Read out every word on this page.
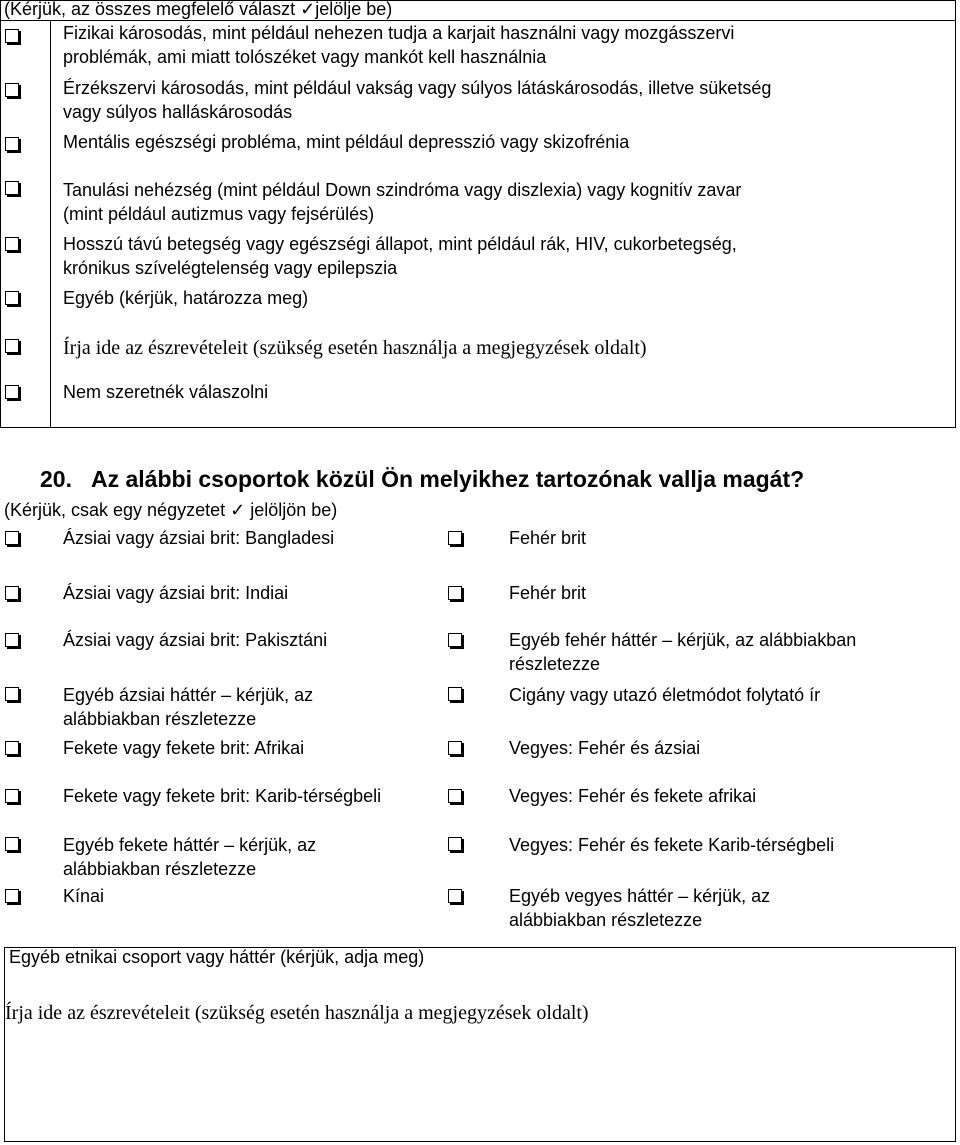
(Kérjük, az összes megfelelő választ ✓jelölje be)
Fizikai károsodás, mint például nehezen tudja a karjait használni vagy mozgásszervi
problémák, ami miatt tolószéket vagy mankót kell használnia
Érzékszervi károsodás, mint például vakság vagy súlyos látáskárosodás, illetve süketség
vagy súlyos halláskárosodás
Mentális egészségi probléma, mint például depresszió vagy skizofrénia
Tanulási nehézség (mint például Down szindróma vagy diszlexia) vagy kognitív zavar
(mint például autizmus vagy fejsérülés)
Hosszú távú betegség vagy egészségi állapot, mint például rák, HIV, cukorbetegség,
krónikus szívelégtelenség vagy epilepszia
Egyéb (kérjük, határozza meg)
Írja ide az észrevételeit (szükség esetén használja a megjegyzések oldalt)
Nem szeretnék válaszolni
20. Az alábbi csoportok közül Ön melyikhez tartozónak vallja magát?
(Kérjük, csak egy négyzetet ✓ jelöljön be)
Ázsiai vagy ázsiai brit: Bangladesi
Ázsiai vagy ázsiai brit: Indiai
Ázsiai vagy ázsiai brit: Pakisztáni
Egyéb ázsiai háttér – kérjük, az
alábbiakban részletezze
Fekete vagy fekete brit: Afrikai
Fekete vagy fekete brit: Karib-térségbeli
Egyéb fekete háttér – kérjük, az
alábbiakban részletezze
Kínai
Fehér brit
Fehér brit
Egyéb fehér háttér – kérjük, az alábbiakban
részletezze
Cigány vagy utazó életmódot folytató ír
Vegyes: Fehér és ázsiai
Vegyes: Fehér és fekete afrikai
Vegyes: Fehér és fekete Karib-térségbeli
Egyéb vegyes háttér – kérjük, az
alábbiakban részletezze
Egyéb etnikai csoport vagy háttér (kérjük, adja meg)
Írja ide az észrevételeit (szükség esetén használja a megjegyzések oldalt)
